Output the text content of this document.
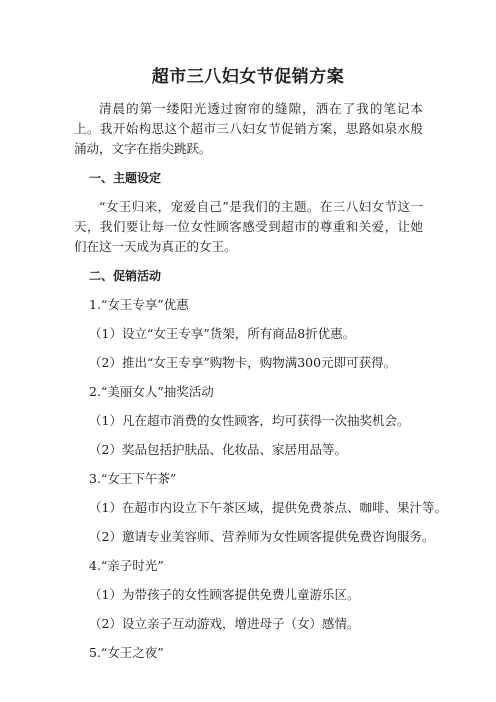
超市三八妇女节促销方案

清晨的第一缕阳光透过窗帘的缝隙，洒在了我的笔记本上。我开始构思这个超市三八妇女节促销方案，思路如泉水般涌动，文字在指尖跳跃。

一、主题设定

“女王归来，宠爱自己”是我们的主题。在三八妇女节这一天，我们要让每一位女性顾客感受到超市的尊重和关爱，让她们在这一天成为真正的女王。

二、促销活动

1.“女王专享”优惠

（1）设立“女王专享”货架，所有商品8折优惠。

（2）推出“女王专享”购物卡，购物满300元即可获得。

2.“美丽女人”抽奖活动

（1）凡在超市消费的女性顾客，均可获得一次抽奖机会。

（2）奖品包括护肤品、化妆品、家居用品等。

3.“女王下午茶”

（1）在超市内设立下午茶区域，提供免费茶点、咖啡、果汁等。

（2）邀请专业美容师、营养师为女性顾客提供免费咨询服务。

4.“亲子时光”

（1）为带孩子的女性顾客提供免费儿童游乐区。

（2）设立亲子互动游戏，增进母子（女）感情。

5.“女王之夜”
